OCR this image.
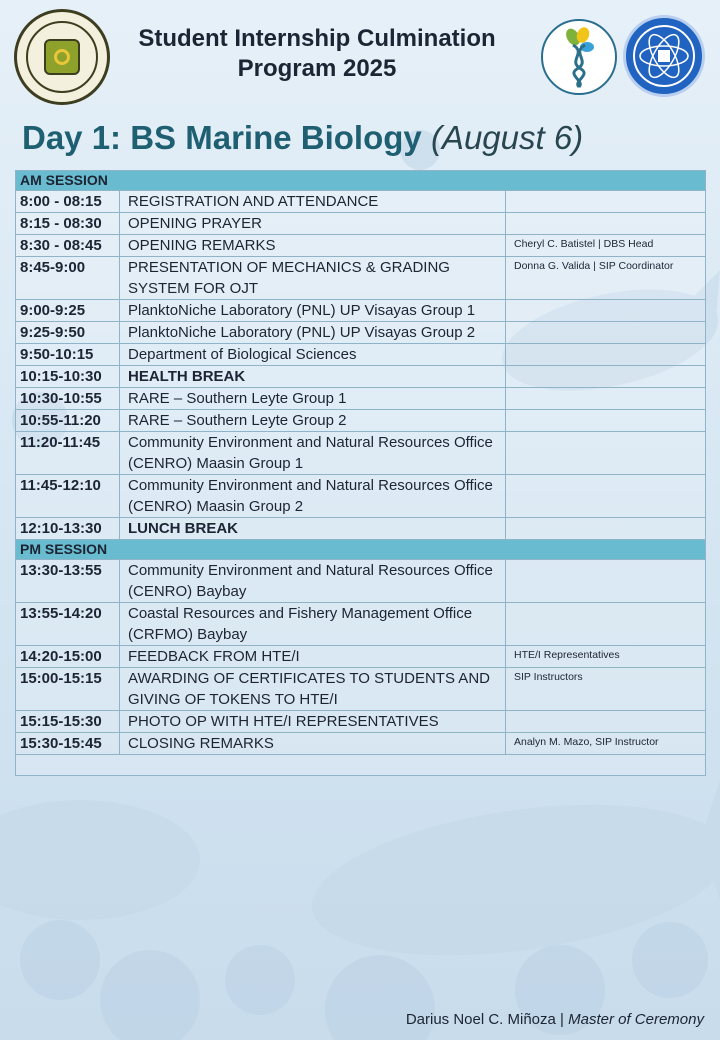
Student Internship Culmination
Program 2025
Day 1: BS Marine Biology (August 6)
AM SESSION		
8:00 - 08:15	REGISTRATION AND ATTENDANCE	
8:15 - 08:30	OPENING PRAYER	
8:30 - 08:45	OPENING REMARKS	Cheryl C. Batistel | DBS Head
8:45-9:00	PRESENTATION OF MECHANICS & GRADING SYSTEM FOR OJT	Donna G. Valida | SIP Coordinator
9:00-9:25	PlanktoNiche Laboratory (PNL) UP Visayas Group 1	
9:25-9:50	PlanktoNiche Laboratory (PNL) UP Visayas Group 2	
9:50-10:15	Department of Biological Sciences	
10:15-10:30	HEALTH BREAK	
10:30-10:55	RARE – Southern Leyte Group 1	
10:55-11:20	RARE – Southern Leyte Group 2	
11:20-11:45	Community Environment and Natural Resources Office (CENRO) Maasin Group 1	
11:45-12:10	Community Environment and Natural Resources Office (CENRO) Maasin Group 2	
12:10-13:30	LUNCH BREAK	
PM SESSION		
13:30-13:55	Community Environment and Natural Resources Office (CENRO) Baybay	
13:55-14:20	Coastal Resources and Fishery Management Office (CRFMO) Baybay	
14:20-15:00	FEEDBACK FROM HTE/I	HTE/I Representatives
15:00-15:15	AWARDING OF CERTIFICATES TO STUDENTS AND GIVING OF TOKENS TO HTE/I	SIP Instructors
15:15-15:30	PHOTO OP WITH HTE/I REPRESENTATIVES	
15:30-15:45	CLOSING REMARKS	Analyn M. Mazo, SIP Instructor

Darius Noel C. Miñoza | Master of Ceremony
